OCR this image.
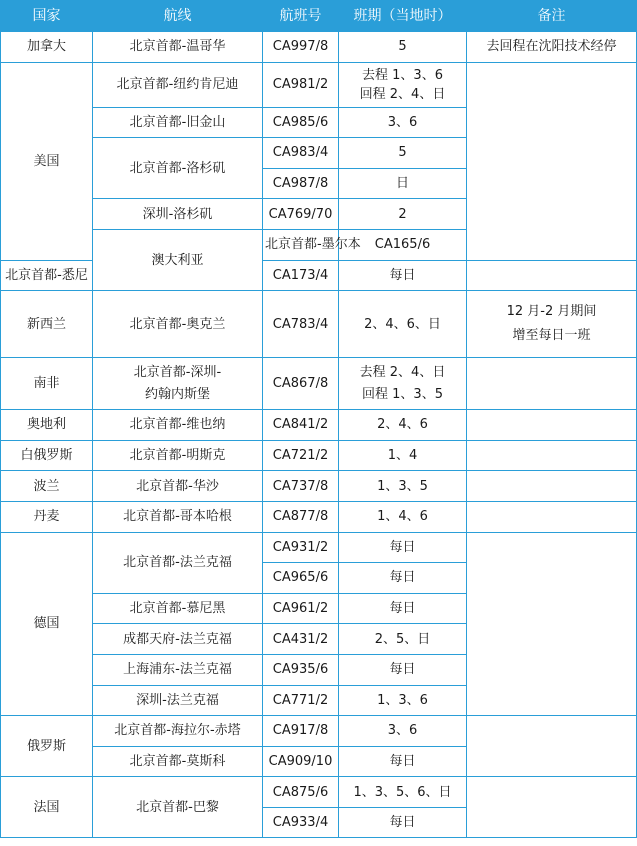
国家	航线	航班号	班期（当地时）	备注	
加拿大	北京首都-温哥华	CA997/8	5	去回程在沈阳技术经停	
美国	北京首都-纽约肯尼迪	CA981/2	去程 1、3、6
回程 2、4、日		

	北京首都-旧金山	CA985/6	3、6		
	北京首都-洛杉矶	CA983/4	5		
		CA987/8	日		
	深圳-洛杉矶	CA769/70	2		
	澳大利亚	北京首都-墨尔本	CA165/6		
北京首都-悉尼		CA173/4	每日		
新西兰	北京首都-奥克兰	CA783/4	2、4、6、日	12 月-2 月期间
增至每日一班	

南非	北京首都-深圳-
约翰内斯堡	CA867/8	去程 2、4、日
回程 1、3、5		

奥地利	北京首都-维也纳	CA841/2	2、4、6		
白俄罗斯	北京首都-明斯克	CA721/2	1、4		
波兰	北京首都-华沙	CA737/8	1、3、5		
丹麦	北京首都-哥本哈根	CA877/8	1、4、6		
德国	北京首都-法兰克福	CA931/2	每日		
		CA965/6	每日		
	北京首都-慕尼黑	CA961/2	每日		
	成都天府-法兰克福	CA431/2	2、5、日		
	上海浦东-法兰克福	CA935/6	每日		
	深圳-法兰克福	CA771/2	1、3、6		
俄罗斯	北京首都-海拉尔-赤塔	CA917/8	3、6		
	北京首都-莫斯科	CA909/10	每日		
法国	北京首都-巴黎	CA875/6	1、3、5、6、日		
		CA933/4	每日		
